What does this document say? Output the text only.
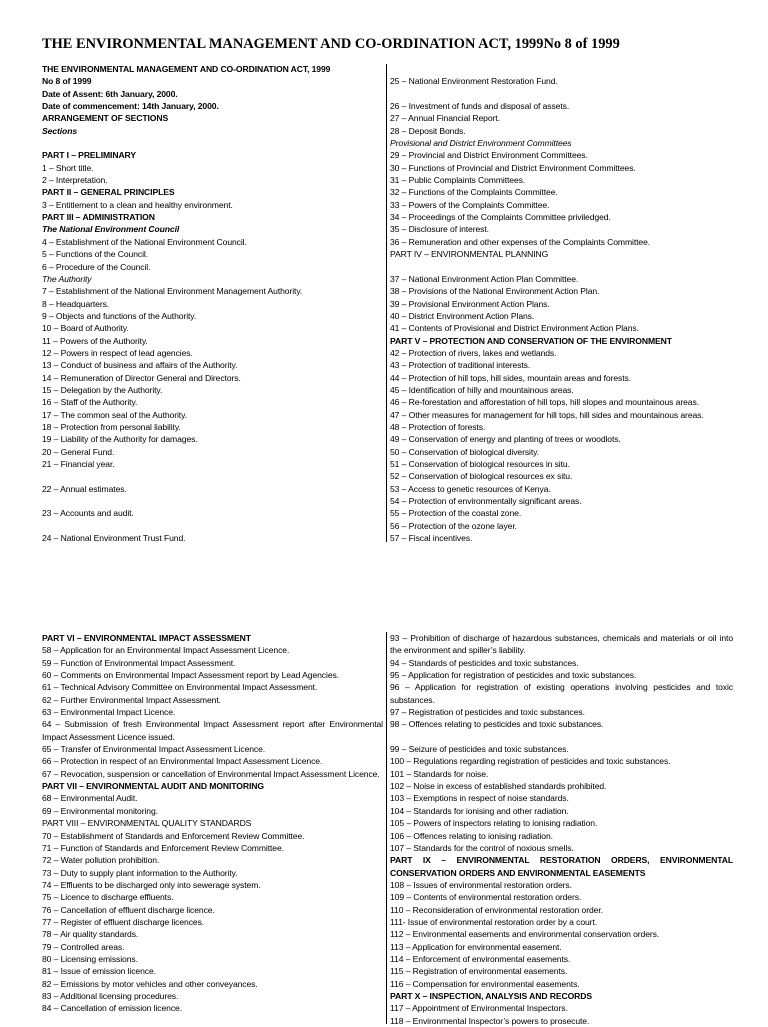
THE ENVIRONMENTAL MANAGEMENT AND CO-ORDINATION ACT, 1999No 8 of 1999
THE ENVIRONMENTAL MANAGEMENT AND CO-ORDINATION ACT, 1999
No 8 of 1999
Date of Assent: 6th January, 2000.
Date of commencement: 14th January, 2000.
ARRANGEMENT OF SECTIONS
Sections
PART I – PRELIMINARY
1 – Short title.
2 – Interpretation.
PART II – GENERAL PRINCIPLES
3 – Entitlement to a clean and healthy environment.
PART III – ADMINISTRATION
The National Environment Council
4 – Establishment of the National Environment Council.
5 – Functions of the Council.
6 – Procedure of the Council.
The Authority
7 – Establishment of the National Environment Management Authority.
8 – Headquarters.
9 – Objects and functions of the Authority.
10 – Board of Authority.
11 – Powers of the Authority.
12 – Powers in respect of lead agencies.
13 – Conduct of business and affairs of the Authority.
14 – Remuneration of Director General and Directors.
15 – Delegation by the Authority.
16 – Staff of the Authority.
17 – The common seal of the Authority.
18 – Protection from personal liability.
19 – Liability of the Authority for damages.
20 – General Fund.
21 – Financial year.
22 – Annual estimates.
23 – Accounts and audit.
24 – National Environment Trust Fund.
25 – National Environment Restoration Fund.
26 – Investment of funds and disposal of assets.
27 – Annual Financial Report.
28 – Deposit Bonds.
Provisional and District Environment Committees
29 – Provincial and District Environment Committees.
30 – Functions of Provincial and District Environment Committees.
31 – Public Complaints Committees.
32 – Functions of the Complaints Committee.
33 – Powers of the Complaints Committee.
34 – Proceedings of the Complaints Committee priviledged.
35 – Disclosure of interest.
36 – Remuneration and other expenses of the Complaints Committee.
PART IV – ENVIRONMENTAL PLANNING
37 – National Environment Action Plan Committee.
38 – Provisions of the National Environment Action Plan.
39 – Provisional Environment Action Plans.
40 – District Environment Action Plans.
41 – Contents of Provisional and District Environment Action Plans.
PART V – PROTECTION AND CONSERVATION OF THE ENVIRONMENT
42 – Protection of rivers, lakes and wetlands.
43 – Protection of traditional interests.
44 – Protection of hill tops, hill sides, mountain areas and forests.
45 – Identification of hilly and mountainous areas.
46 – Re-forestation and afforestation of hill tops, hill slopes and mountainous areas.
47 – Other measures for management for hill tops, hill sides and mountainous areas.
48 – Protection of forests.
49 – Conservation of energy and planting of trees or woodlots.
50 – Conservation of biological diversity.
51 – Conservation of biological resources in situ.
52 – Conservation of biological resources ex situ.
53 – Access to genetic resources of Kenya.
54 – Protection of environmentally significant areas.
55 – Protection of the coastal zone.
56 – Protection of the ozone layer.
57 – Fiscal incentives.
PART VI – ENVIRONMENTAL IMPACT ASSESSMENT
58 – Application for an Environmental Impact Assessment Licence.
59 – Function of Environmental Impact Assessment.
60 – Comments on Environmental Impact Assessment report by Lead Agencies.
61 – Technical Advisory Committee on Environmental Impact Assessment.
62 – Further Environmental Impact Assessment.
63 – Environmental Impact Licence.
64 – Submission of fresh Environmental Impact Assessment report after Environmental Impact Assessment Licence issued.
65 – Transfer of Environmental Impact Assessment Licence.
66 – Protection in respect of an Environmental Impact Assessment Licence.
67 – Revocation, suspension or cancellation of Environmental Impact Assessment Licence.
PART VII – ENVIRONMENTAL AUDIT AND MONITORING
68 – Environmental Audit.
69 – Environmental monitoring.
PART VIII – ENVIRONMENTAL QUALITY STANDARDS
70 – Establishment of Standards and Enforcement Review Committee.
71 – Function of Standards and Enforcement Review Committee.
72 – Water pollution prohibition.
73 – Duty to supply plant information to the Authority.
74 – Effluents to be discharged only into sewerage system.
75 – Licence to discharge effluents.
76 – Cancellation of effluent discharge licence.
77 – Register of effluent discharge licences.
78 – Air quality standards.
79 – Controlled areas.
80 – Licensing emissions.
81 – Issue of emission licence.
82 – Emissions by motor vehicles and other conveyances.
83 – Additional licensing procedures.
84 – Cancellation of emission licence.
93 – Prohibition of discharge of hazardous substances, chemicals and materials or oil into the environment and spiller’s liability.
94 – Standards of pesticides and toxic substances.
95 – Application for registration of pesticides and toxic substances.
96 – Application for registration of existing operations involving pesticides and toxic substances.
97 – Registration of pesticides and toxic substances.
98 – Offences relating to pesticides and toxic substances.
99 – Seizure of pesticides and toxic substances.
100 – Regulations regarding registration of pesticides and toxic substances.
101 – Standards for noise.
102 – Noise in excess of established standards prohibited.
103 – Exemptions in respect of noise standards.
104 – Standards for ionising and other radiation.
105 – Powers of inspectors relating to ionising radiation.
106 – Offences relating to ionising radiation.
107 – Standards for the control of noxious smells.
PART IX – ENVIRONMENTAL RESTORATION ORDERS, ENVIRONMENTAL CONSERVATION ORDERS AND ENVIRONMENTAL EASEMENTS
108 – Issues of environmental restoration orders.
109 – Contents of environmental restoration orders.
110 – Reconsideration of environmental restoration order.
111- Issue of environmental restoration order by a court.
112 – Environmental easements and environmental conservation orders.
113 – Application for environmental easement.
114 – Enforcement of environmental easements.
115 – Registration of environmental easements.
116 – Compensation for environmental easements.
PART X – INSPECTION, ANALYSIS AND RECORDS
117 – Appointment of Environmental Inspectors.
118 – Environmental Inspector’s powers to prosecute.
